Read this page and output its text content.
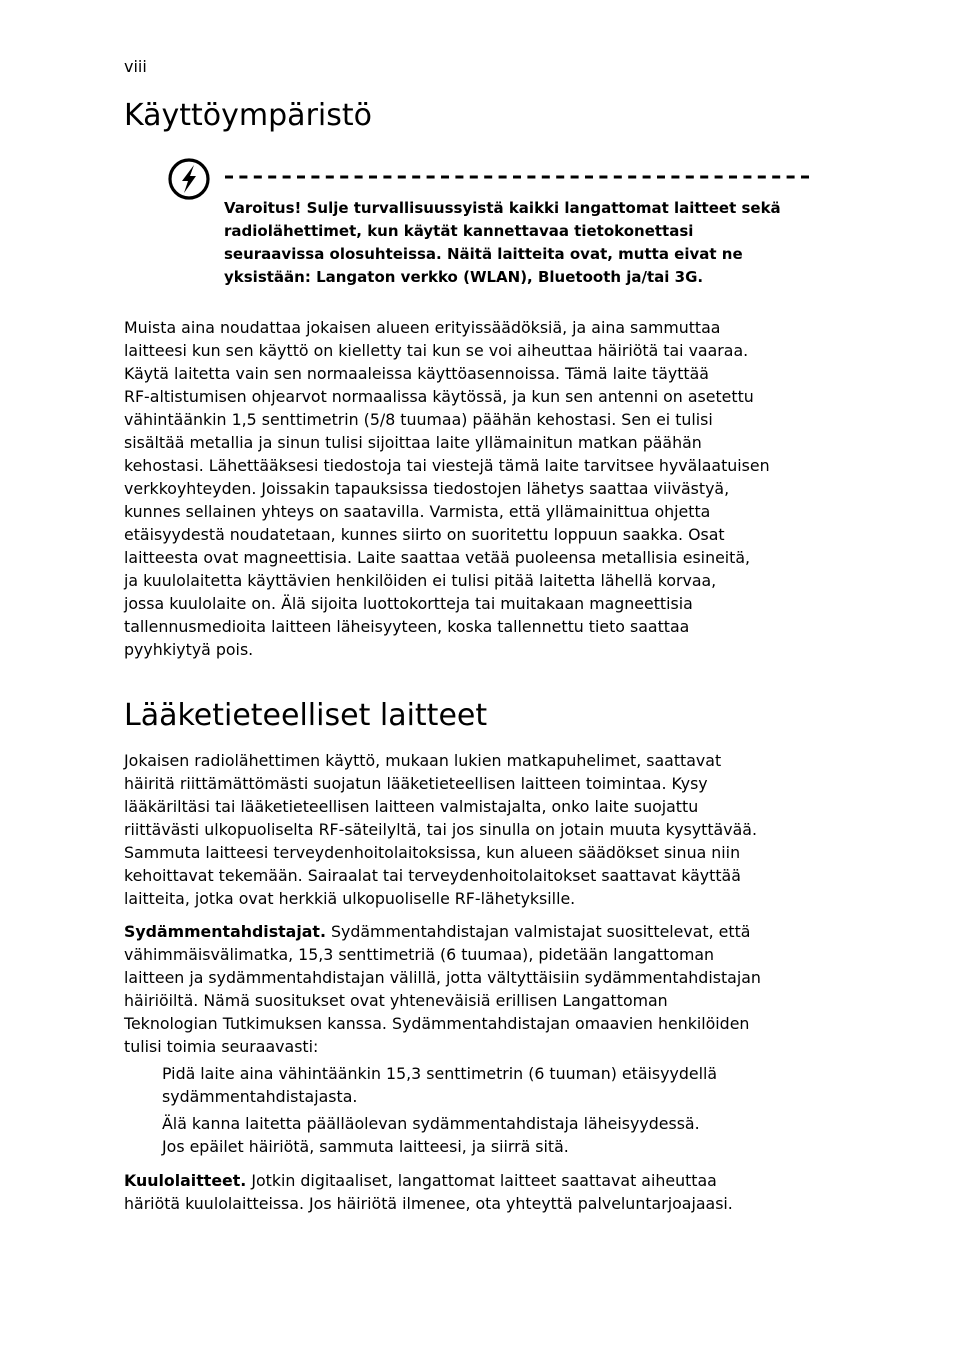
viii
Käyttöympäristö

Varoitus! Sulje turvallisuussyistä kaikki langattomat laitteet sekä
radiolähettimet, kun käytät kannettavaa tietokonettasi
seuraavissa olosuhteissa. Näitä laitteita ovat, mutta eivat ne
yksistään: Langaton verkko (WLAN), Bluetooth ja/tai 3G.

Muista aina noudattaa jokaisen alueen erityissäädöksiä, ja aina sammuttaa
laitteesi kun sen käyttö on kielletty tai kun se voi aiheuttaa häiriötä tai vaaraa.
Käytä laitetta vain sen normaaleissa käyttöasennoissa. Tämä laite täyttää
RF-altistumisen ohjearvot normaalissa käytössä, ja kun sen antenni on asetettu
vähintäänkin 1,5 senttimetrin (5/8 tuumaa) päähän kehostasi. Sen ei tulisi
sisältää metallia ja sinun tulisi sijoittaa laite yllämainitun matkan päähän
kehostasi. Lähettääksesi tiedostoja tai viestejä tämä laite tarvitsee hyvälaatuisen
verkkoyhteyden. Joissakin tapauksissa tiedostojen lähetys saattaa viivästyä,
kunnes sellainen yhteys on saatavilla. Varmista, että yllämainittua ohjetta
etäisyydestä noudatetaan, kunnes siirto on suoritettu loppuun saakka. Osat
laitteesta ovat magneettisia. Laite saattaa vetää puoleensa metallisia esineitä,
ja kuulolaitetta käyttävien henkilöiden ei tulisi pitää laitetta lähellä korvaa,
jossa kuulolaite on. Älä sijoita luottokortteja tai muitakaan magneettisia
tallennusmedioita laitteen läheisyyteen, koska tallennettu tieto saattaa
pyyhkiytyä pois.

Lääketieteelliset laitteet

Jokaisen radiolähettimen käyttö, mukaan lukien matkapuhelimet, saattavat
häiritä riittämättömästi suojatun lääketieteellisen laitteen toimintaa. Kysy
lääkäriltäsi tai lääketieteellisen laitteen valmistajalta, onko laite suojattu
riittävästi ulkopuoliselta RF-säteilyltä, tai jos sinulla on jotain muuta kysyttävää.
Sammuta laitteesi terveydenhoitolaitoksissa, kun alueen säädökset sinua niin
kehoittavat tekemään. Sairaalat tai terveydenhoitolaitokset saattavat käyttää
laitteita, jotka ovat herkkiä ulkopuoliselle RF-lähetyksille.

Sydämmentahdistajat. Sydämmentahdistajan valmistajat suosittelevat, että
vähimmäisvälimatka, 15,3 senttimetriä (6 tuumaa), pidetään langattoman
laitteen ja sydämmentahdistajan välillä, jotta vältyttäisiin sydämmentahdistajan
häiriöiltä. Nämä suositukset ovat yhteneväisiä erillisen Langattoman
Teknologian Tutkimuksen kanssa. Sydämmentahdistajan omaavien henkilöiden
tulisi toimia seuraavasti:

Pidä laite aina vähintäänkin 15,3 senttimetrin (6 tuuman) etäisyydellä
sydämmentahdistajasta.

Älä kanna laitetta päälläolevan sydämmentahdistaja läheisyydessä.

Jos epäilet häiriötä, sammuta laitteesi, ja siirrä sitä.

Kuulolaitteet. Jotkin digitaaliset, langattomat laitteet saattavat aiheuttaa
häriötä kuulolaitteissa. Jos häiriötä ilmenee, ota yhteyttä palveluntarjoajaasi.
